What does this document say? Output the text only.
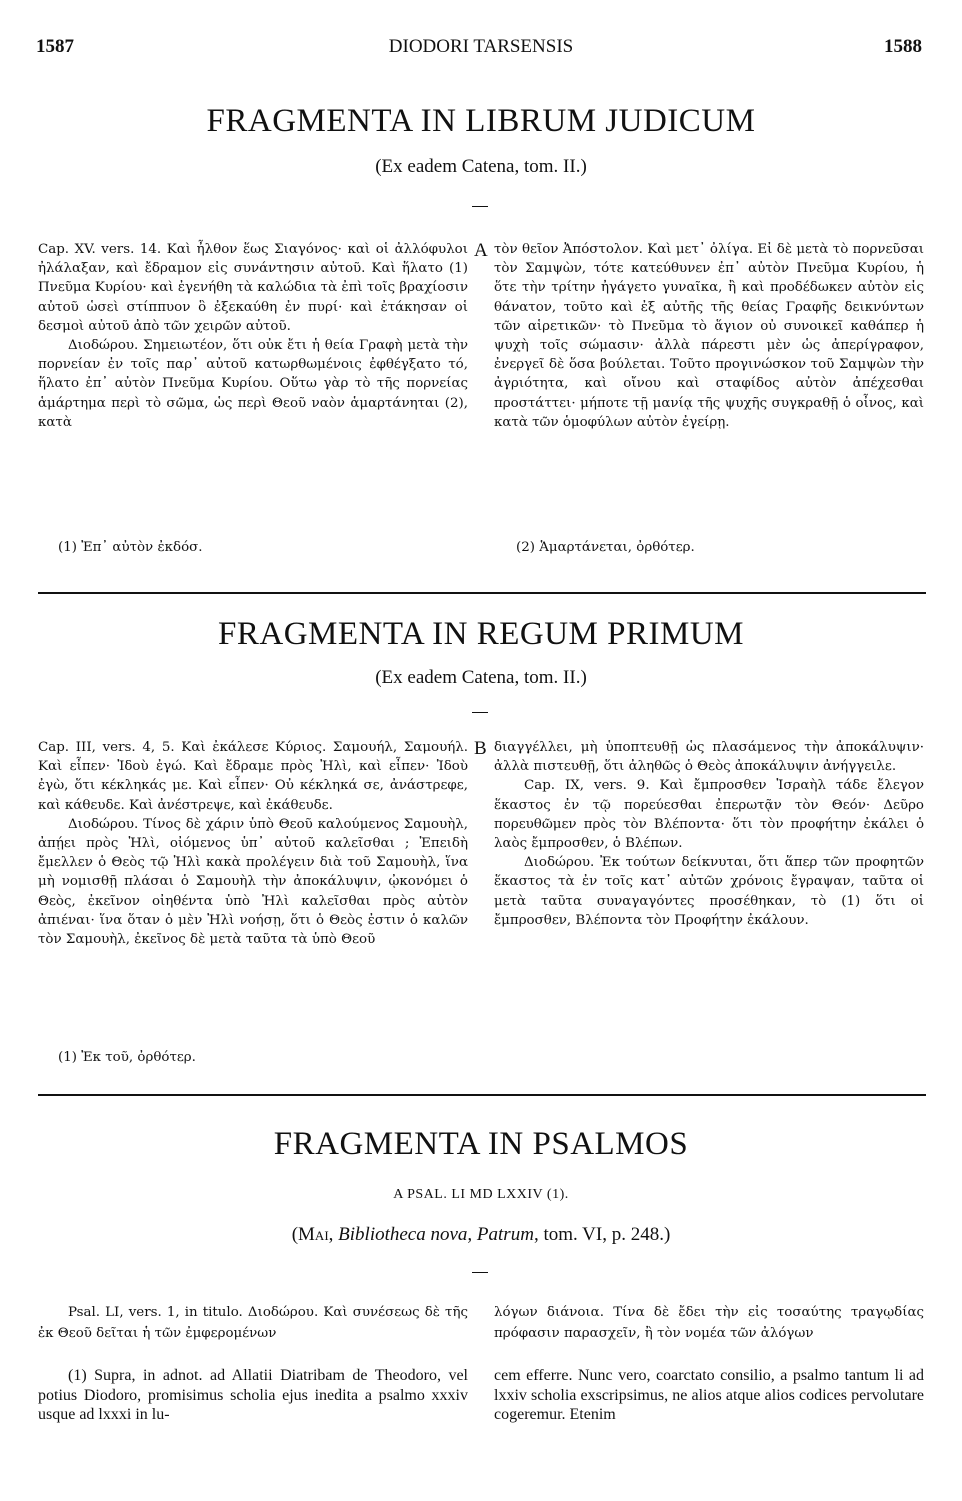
1587	DIODORI TARSENSIS	1588
FRAGMENTA IN LIBRUM JUDICUM
(Ex eadem Catena, tom. II.)

Cap. XV. vers. 14. Καὶ ἦλθον ἕως Σιαγόνος· καὶ οἱ ἀλλόφυλοι ἠλάλαξαν, καὶ ἔδραμον εἰς συνάντησιν αὐτοῦ. Καὶ ἥλατο (1) Πνεῦμα Κυρίου· καὶ ἐγενήθη τὰ καλώδια τὰ ἐπὶ τοῖς βραχίοσιν αὐτοῦ ὡσεὶ στίππυον ὃ ἐξεκαύθη ἐν πυρί· καὶ ἐτάκησαν οἱ δεσμοὶ αὐτοῦ ἀπὸ τῶν χειρῶν αὐτοῦ.

Διοδώρου. Σημειωτέον, ὅτι οὐκ ἔτι ἡ θεία Γραφὴ μετὰ τὴν πορνείαν ἐν τοῖς παρ᾽ αὐτοῦ κατωρθωμένοις ἐφθέγξατο τό, ἥλατο ἐπ᾽ αὐτὸν Πνεῦμα Κυρίου. Οὕτω γὰρ τὸ τῆς πορνείας ἁμάρτημα περὶ τὸ σῶμα, ὡς περὶ Θεοῦ ναὸν ἁμαρτάνηται (2), κατὰ

A τὸν θεῖον Ἀπόστολον. Καὶ μετ᾽ ὀλίγα. Εἰ δὲ μετὰ τὸ πορνεῦσαι τὸν Σαμψὼν, τότε κατεύθυνεν ἐπ᾽ αὐτὸν Πνεῦμα Κυρίου, ἡ ὅτε τὴν τρίτην ἠγάγετο γυναῖκα, ἢ καὶ προδέδωκεν αὐτὸν εἰς θάνατον, τοῦτο καὶ ἐξ αὐτῆς τῆς θείας Γραφῆς δεικνύντων τῶν αἱρετικῶν· τὸ Πνεῦμα τὸ ἅγιον οὐ συνοικεῖ καθάπερ ἡ ψυχὴ τοῖς σώμασιν· ἀλλὰ πάρεστι μὲν ὡς ἀπερίγραφον, ἐνεργεῖ δὲ ὅσα βούλεται. Τοῦτο προγινώσκον τοῦ Σαμψὼν τὴν ἀγριότητα, καὶ οἴνου καὶ σταφίδος αὐτὸν ἀπέχεσθαι προστάττει· μήποτε τῇ μανίᾳ τῆς ψυχῆς συγκραθῇ ὁ οἶνος, καὶ κατὰ τῶν ὁμοφύλων αὐτὸν ἐγείρῃ.

(1) Ἐπ᾽ αὐτὸν ἐκδόσ.	(2) Ἁμαρτάνεται, ὀρθότερ.
FRAGMENTA IN REGUM PRIMUM
(Ex eadem Catena, tom. II.)

Cap. III, vers. 4, 5. Καὶ ἐκάλεσε Κύριος. Σαμουήλ, Σαμουήλ. Καὶ εἶπεν· Ἰδοὺ ἐγώ. Καὶ ἔδραμε πρὸς Ἠλὶ, καὶ εἶπεν· Ἰδοὺ ἐγὼ, ὅτι κέκληκάς με. Καὶ εἶπεν· Οὐ κέκληκά σε, ἀνάστρεφε, καὶ κάθευδε. Καὶ ἀνέστρεψε, καὶ ἐκάθευδε.

Διοδώρου. Τίνος δὲ χάριν ὑπὸ Θεοῦ καλούμενος Σαμουὴλ, ἀπῄει πρὸς Ἠλὶ, οἰόμενος ὑπ᾽ αὐτοῦ καλεῖσθαι ; Ἐπειδὴ ἔμελλεν ὁ Θεὸς τῷ Ἠλὶ κακὰ προλέγειν διὰ τοῦ Σαμουὴλ, ἵνα μὴ νομισθῇ πλάσαι ὁ Σαμουὴλ τὴν ἀποκάλυψιν, ᾠκονόμει ὁ Θεὸς, ἐκεῖνον οἰηθέντα ὑπὸ Ἠλὶ καλεῖσθαι πρὸς αὐτὸν ἀπιέναι· ἵνα ὅταν ὁ μὲν Ἠλὶ νοήσῃ, ὅτι ὁ Θεὸς ἐστιν ὁ καλῶν τὸν Σαμουὴλ, ἐκεῖνος δὲ μετὰ ταῦτα τὰ ὑπὸ Θεοῦ

B διαγγέλλει, μὴ ὑποπτευθῇ ὡς πλασάμενος τὴν ἀποκάλυψιν· ἀλλὰ πιστευθῇ, ὅτι ἀληθῶς ὁ Θεὸς ἀποκάλυψιν ἀνήγγειλε.

Cap. IX, vers. 9. Καὶ ἔμπροσθεν Ἰσραὴλ τάδε ἔλεγον ἕκαστος ἐν τῷ πορεύεσθαι ἐπερωτᾷν τὸν Θεόν· Δεῦρο πορευθῶμεν πρὸς τὸν Βλέποντα· ὅτι τὸν προφήτην ἐκάλει ὁ λαὸς ἔμπροσθεν, ὁ Βλέπων.

Διοδώρου. Ἐκ τούτων δείκνυται, ὅτι ἅπερ τῶν προφητῶν ἕκαστος τὰ ἐν τοῖς κατ᾽ αὐτῶν χρόνοις ἔγραψαν, ταῦτα οἱ μετὰ ταῦτα συναγαγόντες προσέθηκαν, τὸ (1) ὅτι οἱ ἔμπροσθεν, Βλέποντα τὸν Προφήτην ἐκάλουν.

(1) Ἐκ τοῦ, ὀρθότερ.
FRAGMENTA IN PSALMOS
A PSAL. LI MD LXXIV (1).
(Mai, Bibliotheca nova, Patrum, tom. VI, p. 248.)

Psal. LI, vers. 1, in titulo. Διοδώρου. Καὶ συνέσεως δὲ τῆς ἐκ Θεοῦ δεῖται ἡ τῶν ἐμφερομένων

λόγων διάνοια. Τίνα δὲ ἔδει τὴν εἰς τοσαύτης τραγῳδίας πρόφασιν παρασχεῖν, ἢ τὸν νομέα τῶν ἀλόγων

(1) Supra, in adnot. ad Allatii Diatribam de Theodoro, vel potius Diodoro, promisimus scholia ejus inedita a psalmo xxxiv usque ad lxxxi in lu-

cem efferre. Nunc vero, coarctato consilio, a psalmo tantum li ad lxxiv scholia exscripsimus, ne alios atque alios codices pervolutare cogeremur. Etenim
